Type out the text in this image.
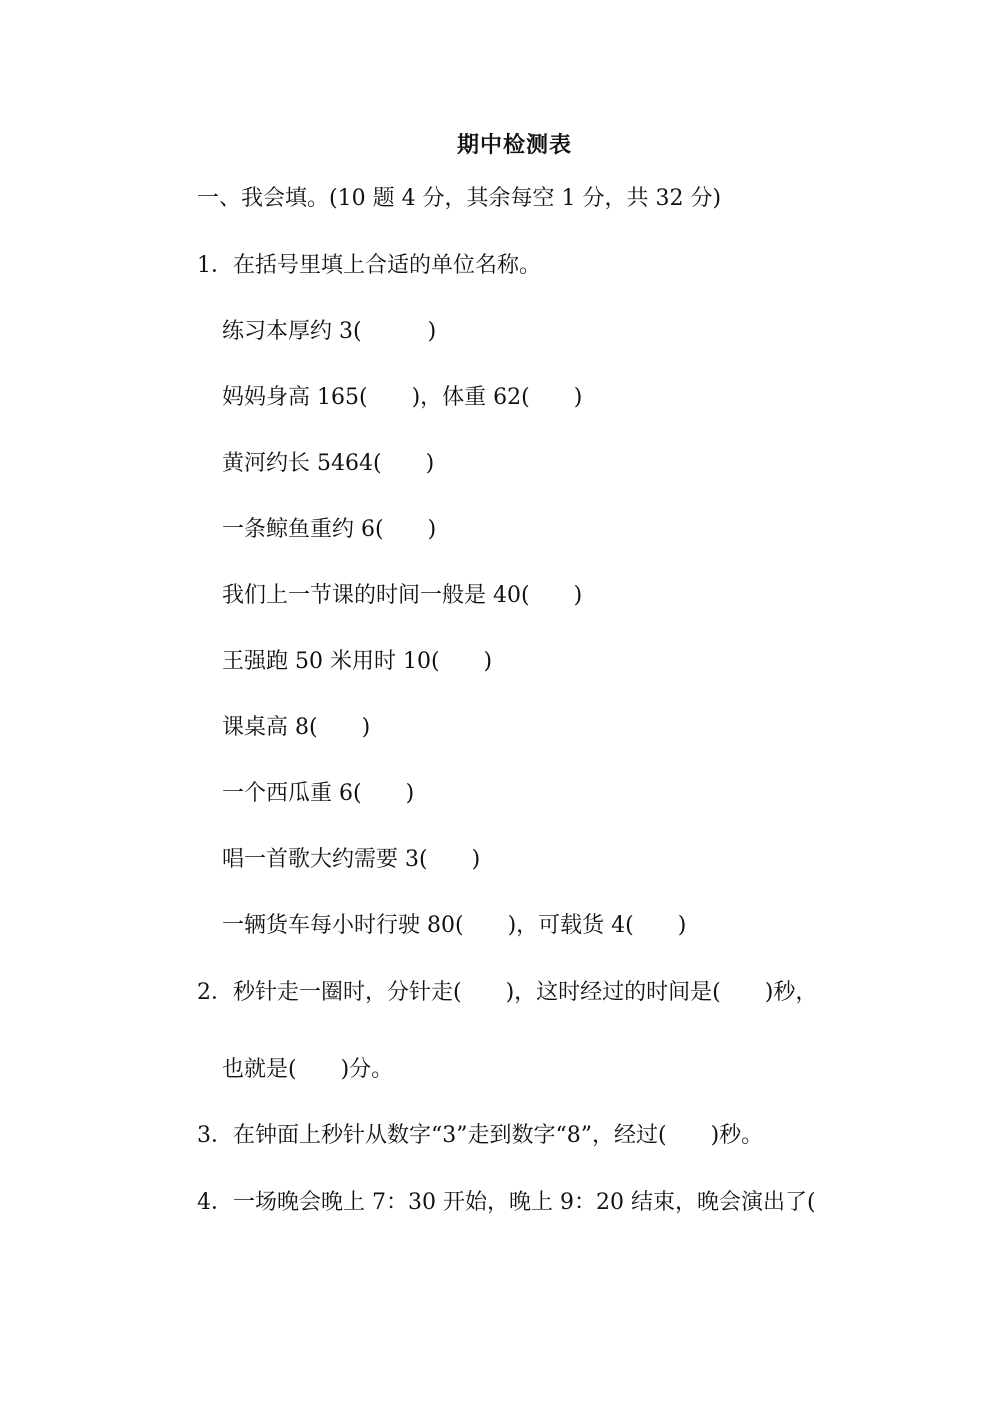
期中检测表
一、我会填。(10 题 4 分，其余每空 1 分，共 32 分)
1．在括号里填上合适的单位名称。
练习本厚约 3(　　　)
妈妈身高 165(　　)，体重 62(　　)
黄河约长 5464(　　)
一条鲸鱼重约 6(　　)
我们上一节课的时间一般是 40(　　)
王强跑 50 米用时 10(　　)
课桌高 8(　　)
一个西瓜重 6(　　)
唱一首歌大约需要 3(　　)
一辆货车每小时行驶 80(　　)，可载货 4(　　)
2．秒针走一圈时，分针走(　　)，这时经过的时间是(　　)秒，
也就是(　　)分。
3．在钟面上秒针从数字“3”走到数字“8”，经过(　　)秒。
4．一场晚会晚上 7：30 开始，晚上 9：20 结束，晚会演出了(
